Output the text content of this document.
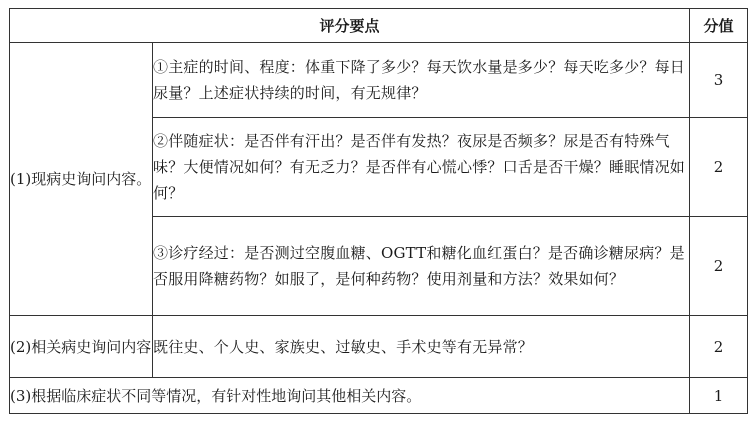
评分要点		分值
(1)现病史询问内容。	①主症的时间、程度：体重下降了多少？每天饮水量是多少？每天吃多少？每日尿量？上述症状持续的时间，有无规律？	3
	②伴随症状：是否伴有汗出？是否伴有发热？夜尿是否频多？尿是否有特殊气味？大便情况如何？有无乏力？是否伴有心慌心悸？口舌是否干燥？睡眠情况如何？	2
	③诊疗经过：是否测过空腹血糖、OGTT和糖化血红蛋白？是否确诊糖尿病？是否服用降糖药物？如服了，是何种药物？使用剂量和方法？效果如何？	2
(2)相关病史询问内容	既往史、个人史、家族史、过敏史、手术史等有无异常？	2
(3)根据临床症状不同等情况，有针对性地询问其他相关内容。		1
